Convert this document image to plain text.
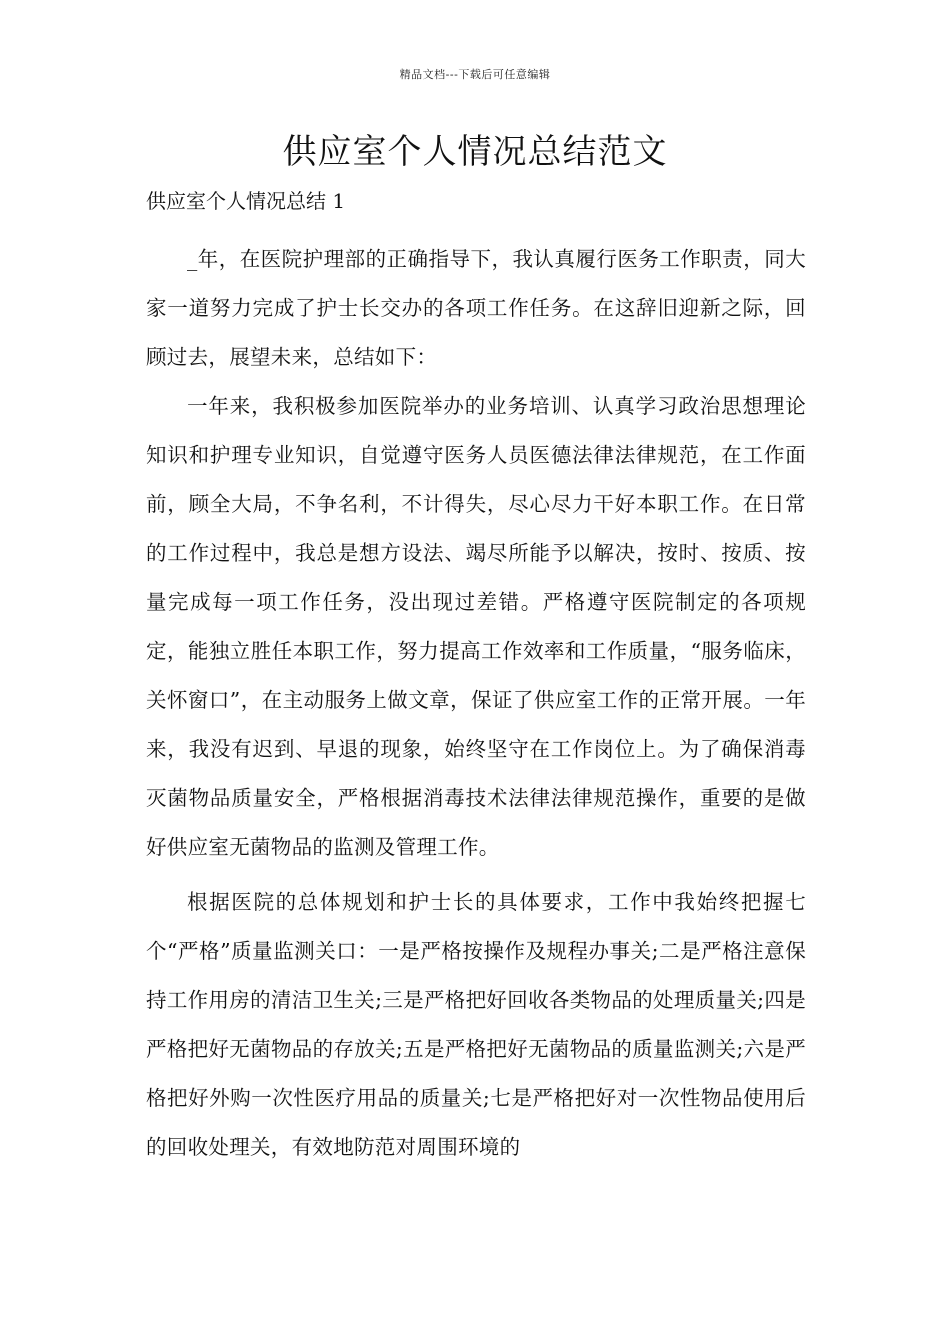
精品文档---下载后可任意编辑
供应室个人情况总结范文
供应室个人情况总结 1

_年，在医院护理部的正确指导下，我认真履行医务工作职责，同大家一道努力完成了护士长交办的各项工作任务。在这辞旧迎新之际，回顾过去，展望未来，总结如下：

一年来，我积极参加医院举办的业务培训、认真学习政治思想理论知识和护理专业知识，自觉遵守医务人员医德法律法律规范，在工作面前，顾全大局，不争名利，不计得失，尽心尽力干好本职工作。在日常的工作过程中，我总是想方设法、竭尽所能予以解决，按时、按质、按量完成每一项工作任务，没出现过差错。严格遵守医院制定的各项规定，能独立胜任本职工作，努力提高工作效率和工作质量，“服务临床，关怀窗口”，在主动服务上做文章，保证了供应室工作的正常开展。一年来，我没有迟到、早退的现象，始终坚守在工作岗位上。为了确保消毒灭菌物品质量安全，严格根据消毒技术法律法律规范操作，重要的是做好供应室无菌物品的监测及管理工作。

根据医院的总体规划和护士长的具体要求，工作中我始终把握七个“严格”质量监测关口：一是严格按操作及规程办事关;二是严格注意保持工作用房的清洁卫生关;三是严格把好回收各类物品的处理质量关;四是严格把好无菌物品的存放关;五是严格把好无菌物品的质量监测关;六是严格把好外购一次性医疗用品的质量关;七是严格把好对一次性物品使用后的回收处理关，有效地防范对周围环境的
